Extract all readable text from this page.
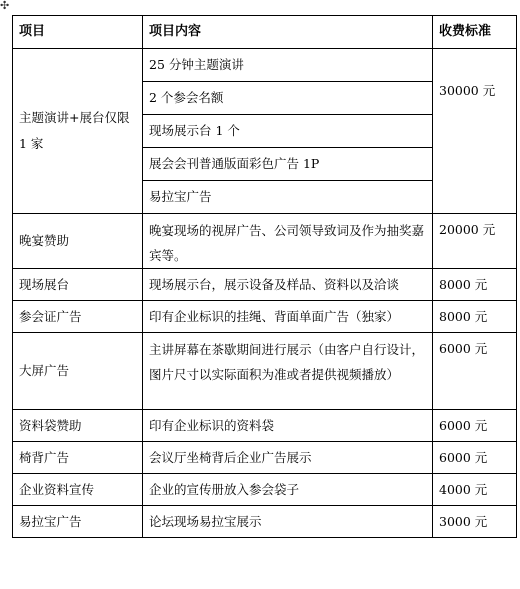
✣
项目	项目内容	收费标准
主题演讲+展台仅限 1 家	25 分钟主题演讲	30000 元
	2 个参会名额	
	现场展示台 1 个	
	展会会刊普通版面彩色广告 1P	
	易拉宝广告	
晚宴赞助	晚宴现场的视屏广告、公司领导致词及作为抽奖嘉宾等。	20000 元
现场展台	现场展示台，展示设备及样品、资料以及洽谈	8000 元
参会证广告	印有企业标识的挂绳、背面单面广告（独家）	8000 元
大屏广告	主讲屏幕在茶歇期间进行展示（由客户自行设计，图片尺寸以实际面积为准或者提供视频播放）	6000 元
资料袋赞助	印有企业标识的资料袋	6000 元
椅背广告	会议厅坐椅背后企业广告展示	6000 元
企业资料宣传	企业的宣传册放入参会袋子	4000 元
易拉宝广告	论坛现场易拉宝展示	3000 元
